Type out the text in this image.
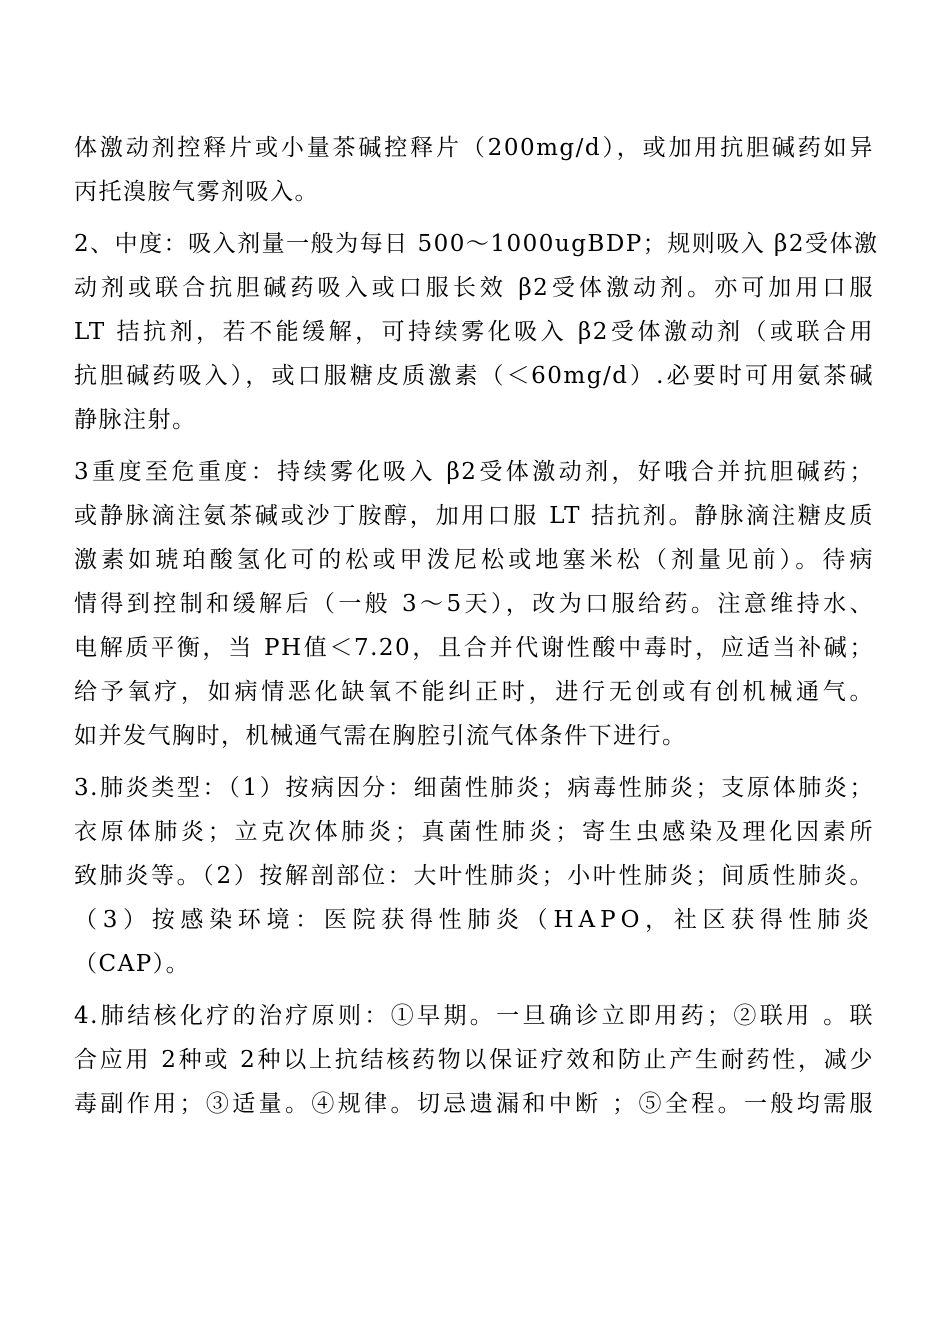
体激动剂控释片或小量茶碱控释片（200mg/d），或加用抗胆碱药如异
丙托溴胺气雾剂吸入。
2、中度：吸入剂量一般为每日 500～1000ugBDP；规则吸入 β2受体激
动剂或联合抗胆碱药吸入或口服长效 β2受体激动剂。亦可加用口服
LT 拮抗剂，若不能缓解，可持续雾化吸入 β2受体激动剂（或联合用
抗胆碱药吸入），或口服糖皮质激素（＜60mg/d）.必要时可用氨茶碱
静脉注射。
3重度至危重度：持续雾化吸入 β2受体激动剂，好哦合并抗胆碱药；
或静脉滴注氨茶碱或沙丁胺醇，加用口服 LT 拮抗剂。静脉滴注糖皮质
激素如琥珀酸氢化可的松或甲泼尼松或地塞米松（剂量见前）。待病
情得到控制和缓解后（一般 3～5天），改为口服给药。注意维持水、
电解质平衡，当 PH值＜7.20，且合并代谢性酸中毒时，应适当补碱；
给予氧疗，如病情恶化缺氧不能纠正时，进行无创或有创机械通气。
如并发气胸时，机械通气需在胸腔引流气体条件下进行。
3.肺炎类型：（1）按病因分：细菌性肺炎；病毒性肺炎；支原体肺炎；
衣原体肺炎；立克次体肺炎；真菌性肺炎；寄生虫感染及理化因素所
致肺炎等。（2）按解剖部位：大叶性肺炎；小叶性肺炎；间质性肺炎。
（3）按感染环境：医院获得性肺炎（HAPO，社区获得性肺炎
（CAP）。
4.肺结核化疗的治疗原则：①早期。一旦确诊立即用药；②联用 。联
合应用 2种或 2种以上抗结核药物以保证疗效和防止产生耐药性，减少
毒副作用；③适量。④规律。切忌遗漏和中断 ；⑤全程。一般均需服
